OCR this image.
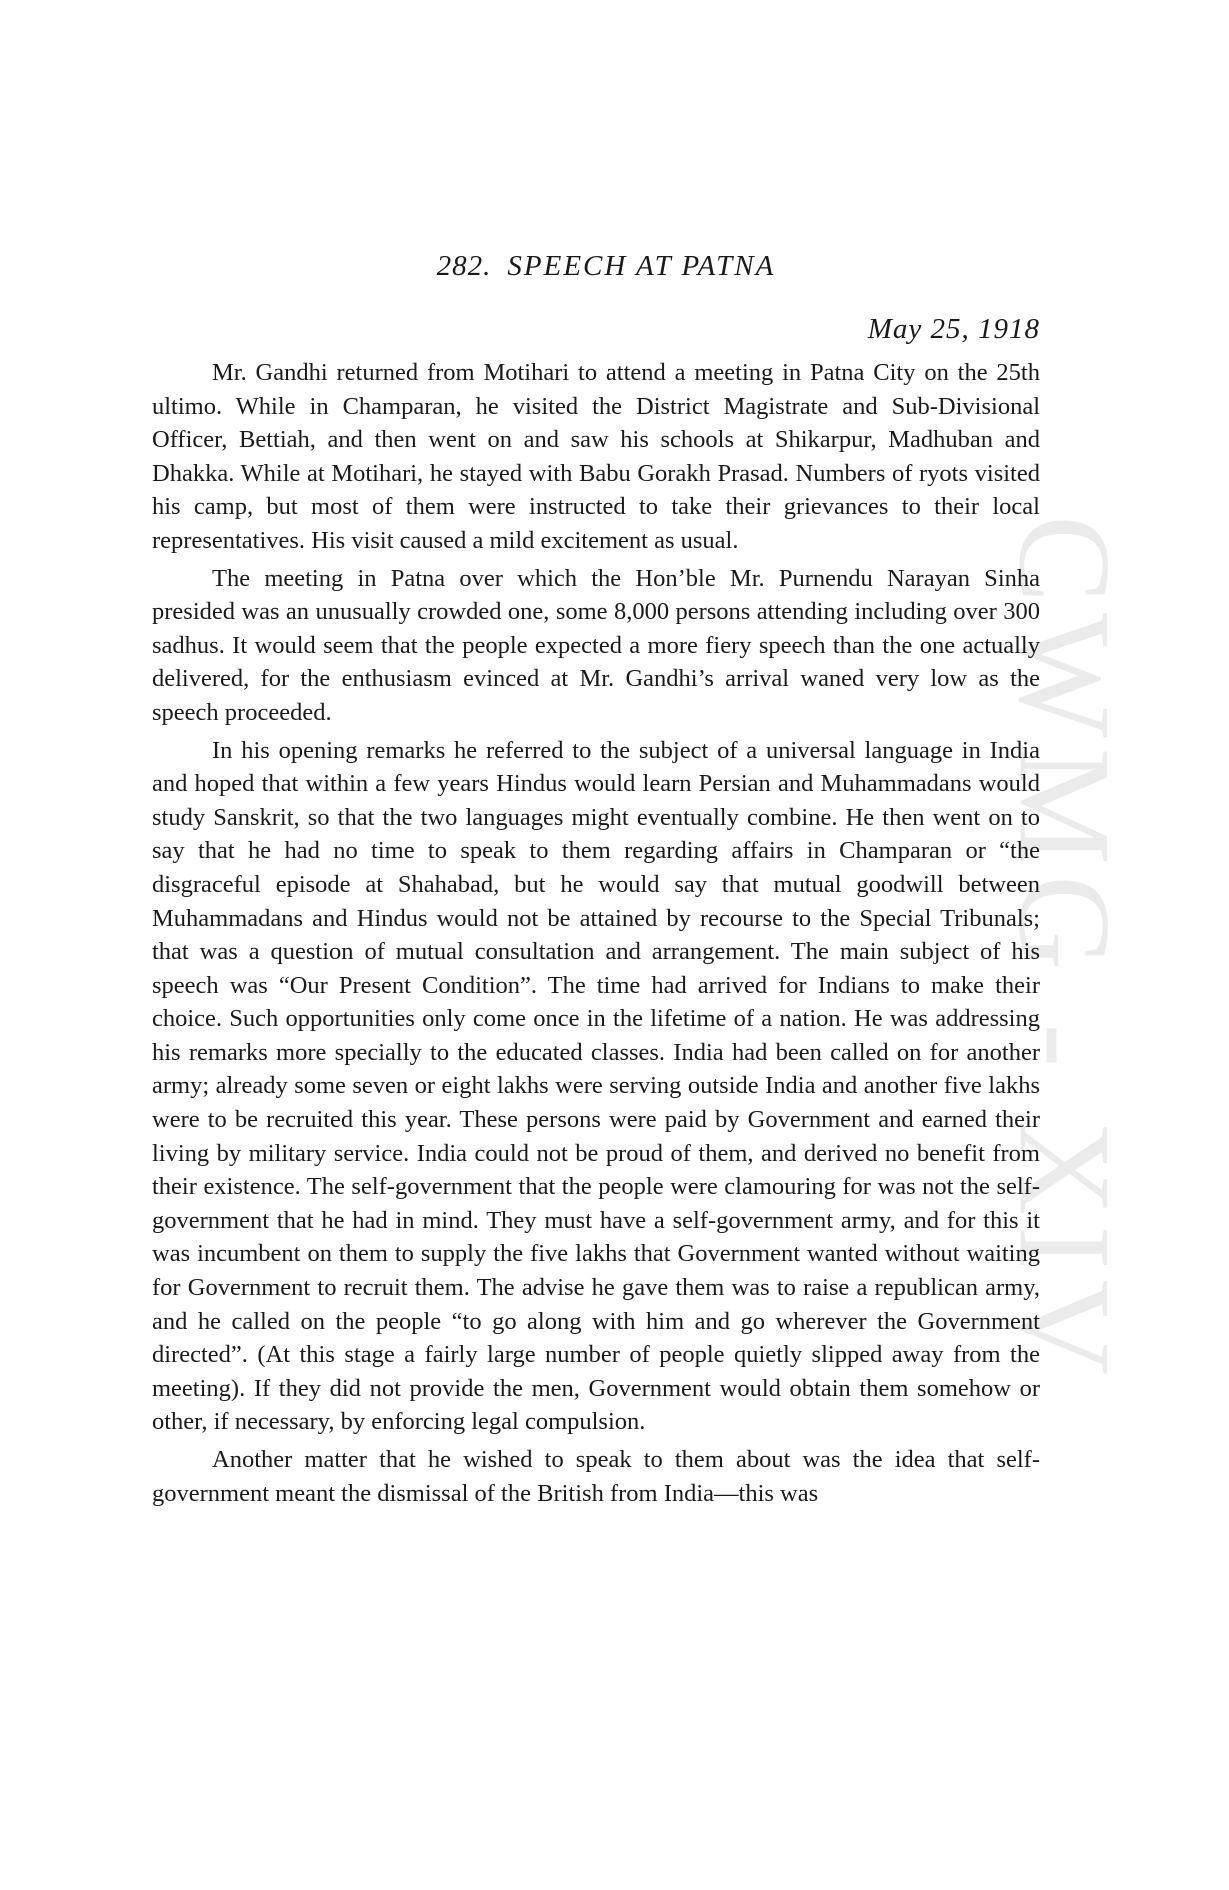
CWMG - XIV
282. SPEECH AT PATNA
May 25, 1918

Mr. Gandhi returned from Motihari to attend a meeting in Patna City on the 25th ultimo. While in Champaran, he visited the District Magistrate and Sub-Divisional Officer, Bettiah, and then went on and saw his schools at Shikarpur, Madhuban and Dhakka. While at Motihari, he stayed with Babu Gorakh Prasad. Numbers of ryots visited his camp, but most of them were instructed to take their grievances to their local representatives. His visit caused a mild excitement as usual.

The meeting in Patna over which the Hon’ble Mr. Purnendu Narayan Sinha presided was an unusually crowded one, some 8,000 persons attending including over 300 sadhus. It would seem that the people expected a more fiery speech than the one actually delivered, for the enthusiasm evinced at Mr. Gandhi’s arrival waned very low as the speech proceeded.

In his opening remarks he referred to the subject of a universal language in India and hoped that within a few years Hindus would learn Persian and Muhammadans would study Sanskrit, so that the two languages might eventually combine. He then went on to say that he had no time to speak to them regarding affairs in Champaran or “the disgraceful episode at Shahabad, but he would say that mutual goodwill between Muhammadans and Hindus would not be attained by recourse to the Special Tribunals; that was a question of mutual consultation and arrangement. The main subject of his speech was “Our Present Condition”. The time had arrived for Indians to make their choice. Such opportunities only come once in the lifetime of a nation. He was addressing his remarks more specially to the educated classes. India had been called on for another army; already some seven or eight lakhs were serving outside India and another five lakhs were to be recruited this year. These persons were paid by Government and earned their living by military service. India could not be proud of them, and derived no benefit from their existence. The self-government that the people were clamouring for was not the self-government that he had in mind. They must have a self-government army, and for this it was incumbent on them to supply the five lakhs that Government wanted without waiting for Government to recruit them. The advise he gave them was to raise a republican army, and he called on the people “to go along with him and go wherever the Government directed”. (At this stage a fairly large number of people quietly slipped away from the meeting). If they did not provide the men, Government would obtain them somehow or other, if necessary, by enforcing legal compulsion.

Another matter that he wished to speak to them about was the idea that self-government meant the dismissal of the British from India—this was
